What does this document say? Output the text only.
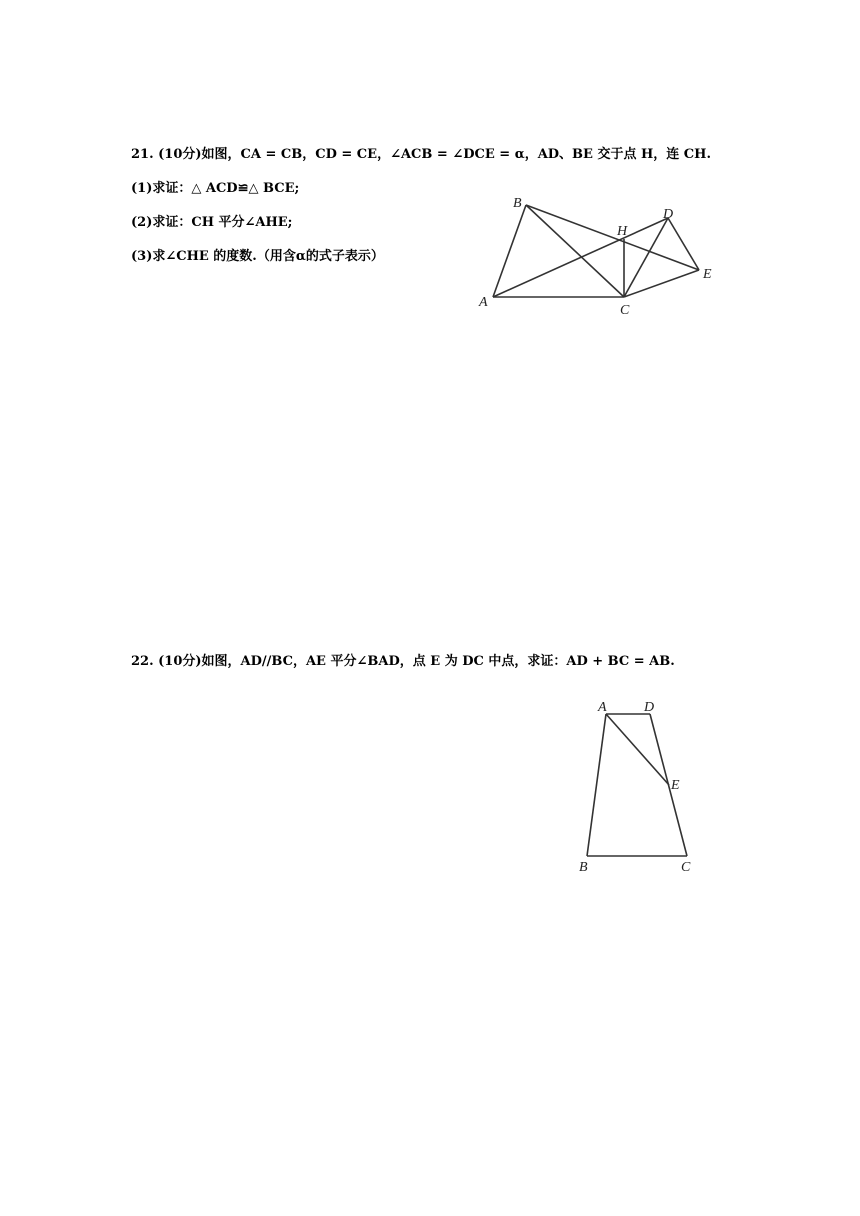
21. (10分)如图，CA = CB，CD = CE，∠ACB = ∠DCE = α，AD、BE 交于点 H，连 CH.
(1)求证：△ ACD≌△ BCE;
(2)求证：CH 平分∠AHE;
(3)求∠CHE 的度数.（用含α的式子表示）
A
B
C
D
E
H
22. (10分)如图，AD//BC，AE 平分∠BAD，点 E 为 DC 中点，求证：AD + BC = AB.
A	D
E
B	C
